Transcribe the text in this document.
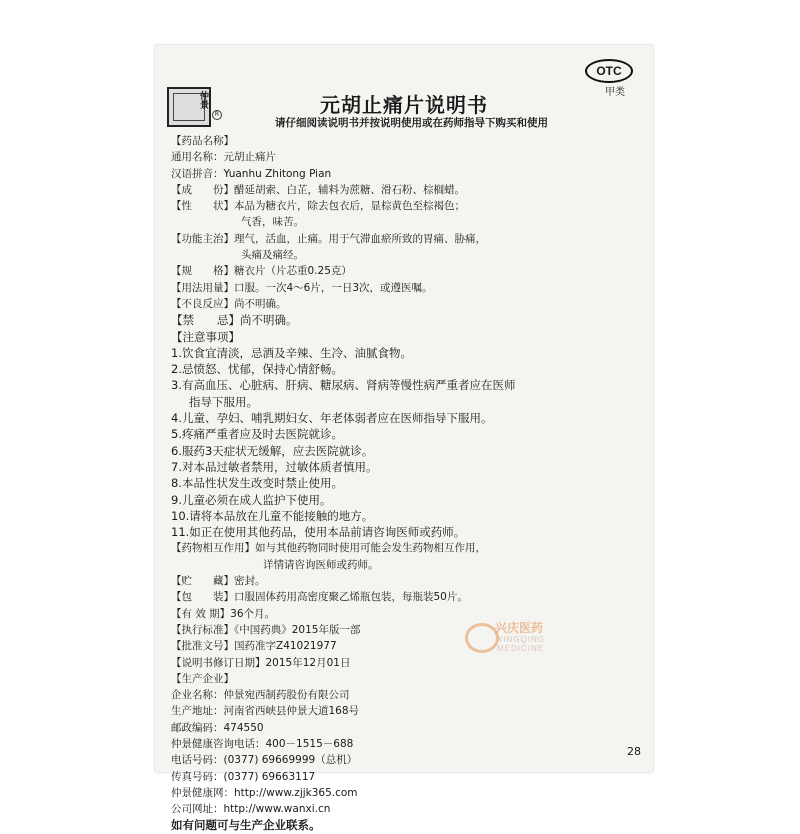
仲景
R
OTC
甲类
元胡止痛片说明书
请仔细阅读说明书并按说明使用或在药师指导下购买和使用
【药品名称】
通用名称：元胡止痛片
汉语拼音：Yuanhu Zhitong Pian
【成　　份】醋延胡索、白芷，辅料为蔗糖、滑石粉、棕榈蜡。
【性　　状】本品为糖衣片，除去包衣后，显棕黄色至棕褐色；
气香，味苦。
【功能主治】理气，活血，止痛。用于气滞血瘀所致的胃痛、胁痛，
头痛及痛经。
【规　　格】糖衣片（片芯重0.25克）
【用法用量】口服。一次4～6片，一日3次，或遵医嘱。
【不良反应】尚不明确。
【禁　　忌】尚不明确。
【注意事项】
1.饮食宜清淡，忌酒及辛辣、生冷、油腻食物。
2.忌愤怒、忧郁，保持心情舒畅。
3.有高血压、心脏病、肝病、糖尿病、肾病等慢性病严重者应在医师
指导下服用。
4.儿童、孕妇、哺乳期妇女、年老体弱者应在医师指导下服用。
5.疼痛严重者应及时去医院就诊。
6.服药3天症状无缓解，应去医院就诊。
7.对本品过敏者禁用，过敏体质者慎用。
8.本品性状发生改变时禁止使用。
9.儿童必须在成人监护下使用。
10.请将本品放在儿童不能接触的地方。
11.如正在使用其他药品，使用本品前请咨询医师或药师。
【药物相互作用】如与其他药物同时使用可能会发生药物相互作用，
详情请咨询医师或药师。
【贮　　藏】密封。
【包　　装】口服固体药用高密度聚乙烯瓶包装，每瓶装50片。
【有 效 期】36个月。
【执行标准】《中国药典》2015年版一部
【批准文号】国药准字Z41021977
【说明书修订日期】2015年12月01日
【生产企业】
企业名称：仲景宛西制药股份有限公司
生产地址：河南省西峡县仲景大道168号
邮政编码：474550
仲景健康咨询电话：400－1515－688
电话号码：(0377) 69669999（总机）
传真号码：(0377) 69663117
仲景健康网：http://www.zjjk365.com
公司网址：http://www.wanxi.cn
如有问题可与生产企业联系。
兴庆医药
XINGQING
MEDICINE
28
